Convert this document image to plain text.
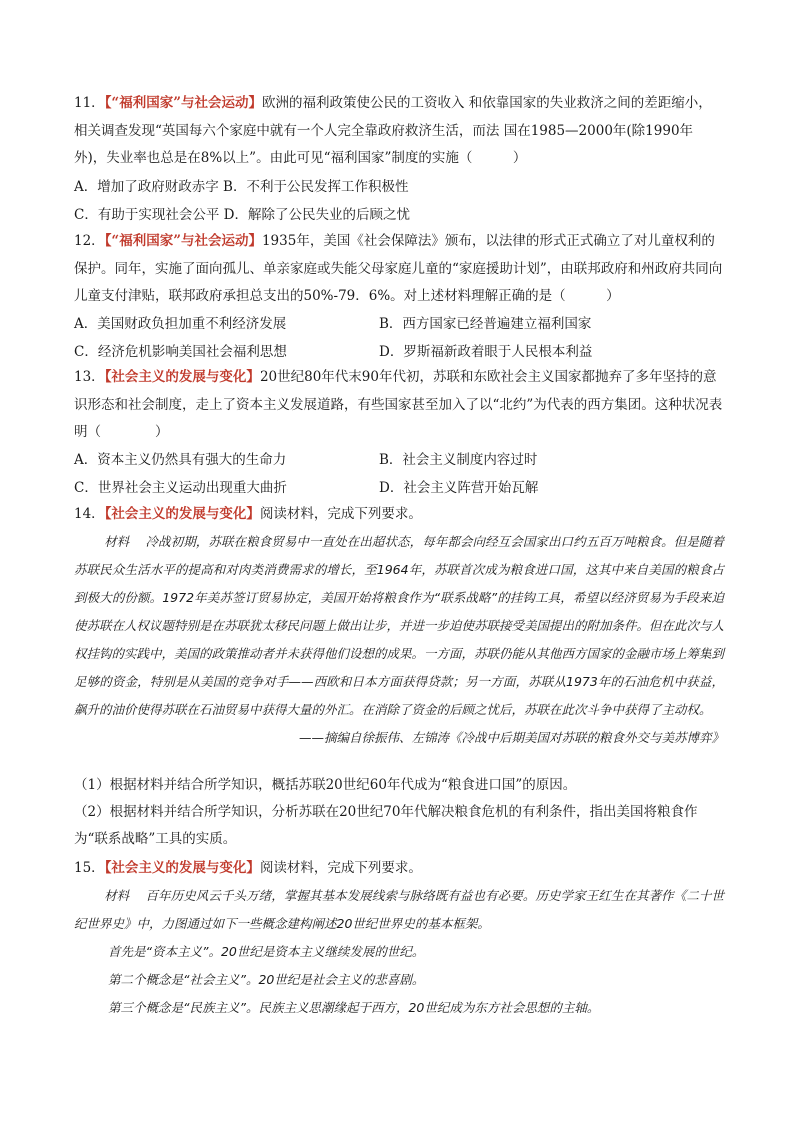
11．【“福利国家”与社会运动】欧洲的福利政策使公民的工资收入 和依靠国家的失业救济之间的差距缩小，相关调查发现“英国每六个家庭中就有一个人完全靠政府救济生活，而法 国在1985—2000年(除1990年外)，失业率也总是在8%以上”。由此可见“福利国家”制度的实施（　　　）
A．增加了政府财政赤字 B．不利于公民发挥工作积极性
C．有助于实现社会公平 D．解除了公民失业的后顾之忧
12．【“福利国家”与社会运动】1935年，美国《社会保障法》颁布，以法律的形式正式确立了对儿童权利的保护。同年，实施了面向孤儿、单亲家庭或失能父母家庭儿童的“家庭援助计划”，由联邦政府和州政府共同向儿童支付津贴，联邦政府承担总支出的50%-79．6%。对上述材料理解正确的是（　　　）
A．美国财政负担加重不利经济发展	B．西方国家已经普遍建立福利国家
C．经济危机影响美国社会福利思想	D．罗斯福新政着眼于人民根本利益
13．【社会主义的发展与变化】20世纪80年代末90年代初，苏联和东欧社会主义国家都抛弃了多年坚持的意识形态和社会制度，走上了资本主义发展道路，有些国家甚至加入了以“北约”为代表的西方集团。这种状况表明（　　　　）
A．资本主义仍然具有强大的生命力	B．社会主义制度内容过时
C．世界社会主义运动出现重大曲折	D．社会主义阵营开始瓦解
14．【社会主义的发展与变化】阅读材料，完成下列要求。
材料 冷战初期，苏联在粮食贸易中一直处在出超状态，每年都会向经互会国家出口约五百万吨粮食。但是随着苏联民众生活水平的提高和对肉类消费需求的增长，至1964年，苏联首次成为粮食进口国，这其中来自美国的粮食占到极大的份额。1972年美苏签订贸易协定，美国开始将粮食作为“联系战略”的挂钩工具，希望以经济贸易为手段来迫使苏联在人权议题特别是在苏联犹太移民问题上做出让步，并进一步迫使苏联接受美国提出的附加条件。但在此次与人权挂钩的实践中，美国的政策推动者并未获得他们设想的成果。一方面，苏联仍能从其他西方国家的金融市场上筹集到足够的资金，特别是从美国的竞争对手——西欧和日本方面获得贷款；另一方面，苏联从1973年的石油危机中获益，飙升的油价使得苏联在石油贸易中获得大量的外汇。在消除了资金的后顾之忧后，苏联在此次斗争中获得了主动权。
——摘编自徐振伟、左锦涛《冷战中后期美国对苏联的粮食外交与美苏博弈》
（1）根据材料并结合所学知识，概括苏联20世纪60年代成为“粮食进口国”的原因。
（2）根据材料并结合所学知识，分析苏联在20世纪70年代解决粮食危机的有利条件，指出美国将粮食作为“联系战略”工具的实质。
15．【社会主义的发展与变化】阅读材料，完成下列要求。
材料 百年历史风云千头万绪，掌握其基本发展线索与脉络既有益也有必要。历史学家王红生在其著作《二十世纪世界史》中，力图通过如下一些概念建构阐述20世纪世界史的基本框架。
首先是“资本主义”。20世纪是资本主义继续发展的世纪。
第二个概念是“社会主义”。20世纪是社会主义的悲喜剧。
第三个概念是“民族主义”。民族主义思潮缘起于西方，20世纪成为东方社会思想的主轴。
